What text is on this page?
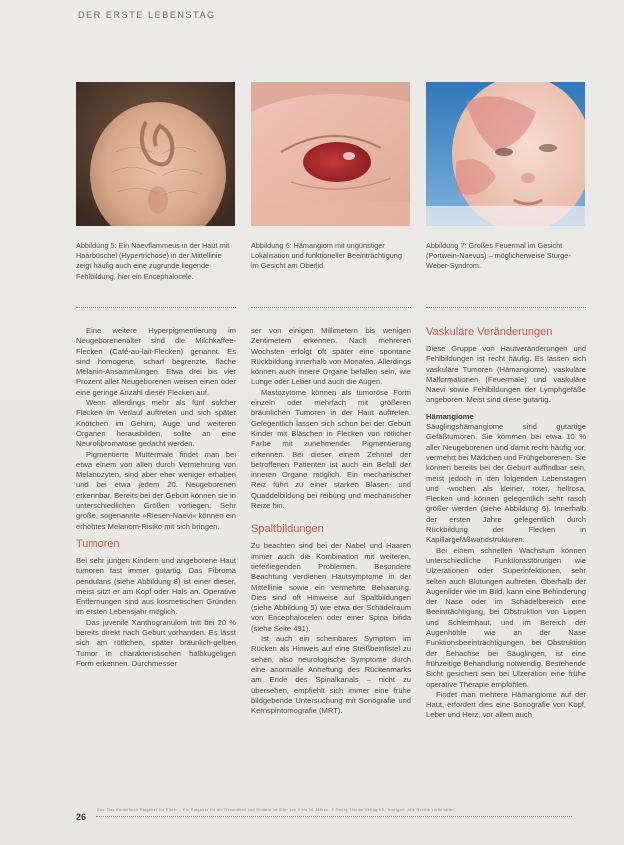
DER ERSTE LEBENSTAG
Abbildung 5: Ein Naevflammeus in der Haut mit Haarbüschel (Hypertrichose) in der Mittellinie zeigt häufig auch eine zugrunde liegende Fehlbildung, hier ein Encephalocele.
Abbildung 6: Hämangiom mit ungünstiger Lokalisation und funktioneller Beeinträchtigung im Gesicht am Oberlid.
Abbildung 7: Großes Feuermal im Gesicht (Portwein-Naevus) – möglicherweise Sturge-Weber-Syndrom.

Eine weitere Hyperpigmentierung im Neugeborenenalter sind die Milchkaffee-Flecken (Café-au-lait-Flecken) genannt. Es sind homogene, scharf begrenzte, flache Melanin-Ansammlungen. Etwa drei bis vier Prozent aller Neugeborenen weisen einen oder eine geringe Anzahl dieser Flecken auf.

Wenn allerdings mehr als fünf solcher Flecken im Verlauf auftreten und sich später Knötchen im Gehirn, Auge und weiteren Organen herausbilden, sollte an eine Neurofibromatose gedacht werden.

Pigmentierte Muttermale findet man bei etwa einem von allen durch Vermehrung von Melanozyten, sind aber eher weniger erhaben und bei etwa jedem 20. Neugeborenen erkennbar. Bereits bei der Geburt können sie in unterschiedlichen Größen vorliegen. Sehr große, sogenannte »Riesen-Naevi« können ein erhöhtes Melanom-Risiko mit sich bringen.

Tumoren

Bei sehr jungen Kindern und angeborene Haut tumoren fast immer gutartig. Das Fibroma pendulans (siehe Abbildung 8) ist einer dieser, meist sitzt er am Kopf oder Hals an. Operative Entfernungen sind aus kosmetischen Gründen im ersten Lebensjahr möglich.

Das juvenile Xanthogranulom tritt bei 20 % bereits direkt nach Geburt vorhanden. Es lässt sich am rötlichen, später bräunlich-gelben Tumor in charakteristischen halbkugeligen Form erkennen. Durchmesser

ser von einigen Millimetern bis wenigen Zentimetern erkennen. Nach mehreren Wochsten erfolgt oft später eine spontane Rückbildung innerhalb von Monaten. Allerdings können auch innere Organe befallen sein, wie Lunge oder Leber und auch die Augen.

Mastozytome können als tumoröse Form einzeln oder mehrfach mit größeren bräunlichen Tumoren in der Haut auftreten. Gelegentlich lassen sich schon bei der Geburt Kinder mit Bläschen in Flecken von rötlicher Farbe mit zunehmender Pigmentierung erkennen. Bei dieser einem Zehntel der betroffenen Patienten ist auch ein Befall der inneren Organe möglich. Ein mechanischer Reiz führt zu einer starken Blasen- und Quaddelbildung bei reibung und mechanischer Reize hin.

Spaltbildungen

Zu beachten sind bei der Nabel und Haaren immer auch die Kombination mit weiteren, tieferliegenden Problemen. Besondere Beachtung verdienen Hautsymptome in der Mittellinie sowie ein vermehrte Behaarung. Dies sind oft Hinweise auf Spaltbildungen (siehe Abbildung 5) wie etwa der Schädelraum von Encephalocelen oder einer Spina bifida (siehe Seite 491).

Ist auch ein scheinbares Symptom im Rücken als Hinweis auf eine Steißbeinfistel zu sehen, also neurologische Symptome durch eine anormalle Anheftung des Rückenmarks am Ende des Spinalkanals – nicht zu übersehen, empfiehlt sich immer eine frühe bildgebende Untersuchung mit Sonografie und Kernspintomografie (MRT).

Vaskuläre Veränderungen

Diese Gruppe von Hautveränderungen und Fehlbildungen ist recht häufig. Es lassen sich vaskuläre Tumoren (Hämangiome), vaskuläre Malformationen (Feuermale) und vaskuläre Naevi sowie Fehlbildungen der Lymphgefäße angeboren. Meist sind diese gutartig.

Hämangiome

Säuglingshämangiome sind gutartige Gefäßtumoren. Sie kommen bei etwa 10 % aller Neugeborenen und damit recht häufig vor, vermehrt bei Mädchen und Frühgeborenen. Sie können bereits bei der Geburt auffindbar sein, meist jedoch in den folgenden Lebenstagen und -wochen als kleiner, roter, hellrosa, Flecken und können gelegentlich sehr rasch größer werden (siehe Abbildung 6). Innerhalb der ersten Jahre gelegentlich durch Rückbildung der Flecken in Kapillargefäßwandstrukturen.

Bei einem schnellen Wachstum können unterschiedliche Funktionsstörungen wie Ulzerationen oder Superinfektionen, sehr selten auch Blutungen auftreten. Oberhalb der Augenlider wie im Bild, kann eine Behinderung der Nase oder im Schädelbereich eine Beeinträchtigung, bei Obstruktion von Lippen und Schleimhaut, und im Bereich der Augenhöhle wie an der Nase Funktionsbeeinträchtigungen, bei Obstruktion der Sehachse bei Säuglingen, ist eine frühzeitige Behandlung notwendig. Bestehende Sicht gesichert sein bei Ulzeration eine frühe operative Therapie empfohlen.

Findet man mehrere Hämangiome auf der Haut, erfordert dies eine Sonografie von Kopf, Leber und Herz, vor allem auch

26
Aus: Das Kinderbuch Ratgeber für Eltern – Ein Ratgeber für die Gesundheit von Kindern im Alter von 0 bis 16 Jahren. © Georg Thieme Verlag KG, Stuttgart. Alle Rechte vorbehalten.
